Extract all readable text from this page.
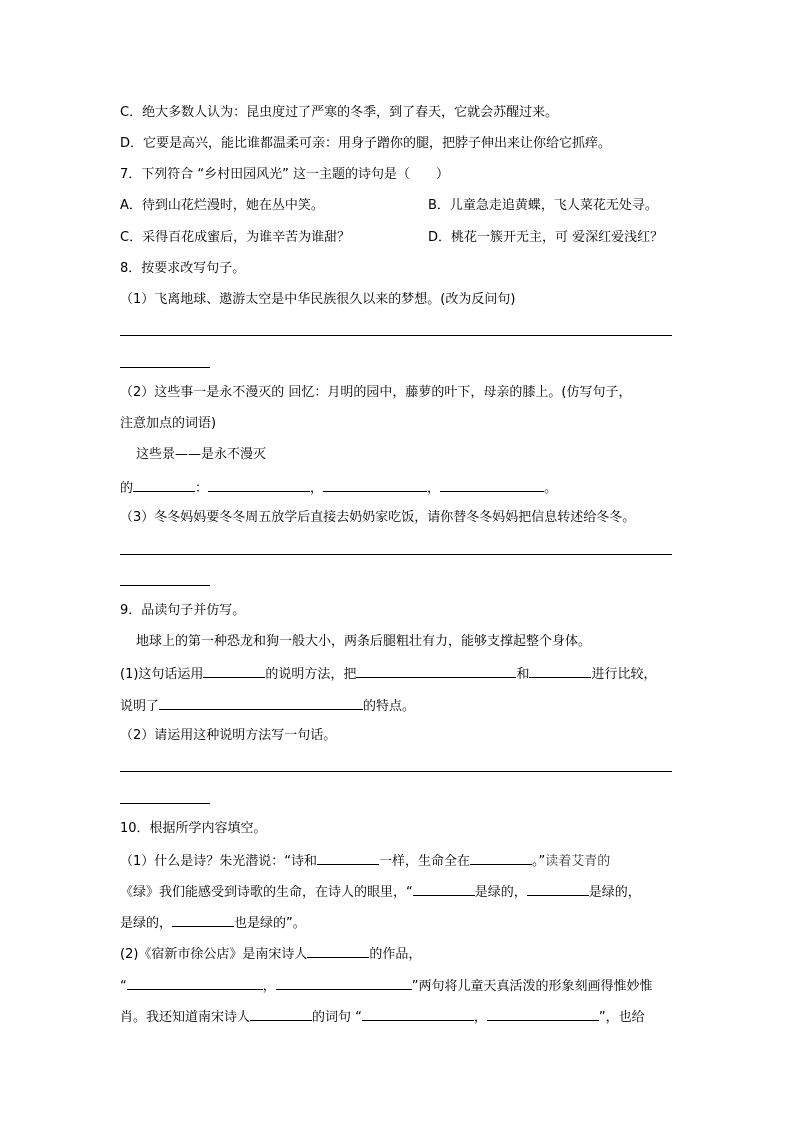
C．绝大多数人认为：昆虫度过了严寒的冬季，到了春天，它就会苏醒过来。
D．它要是高兴，能比谁都温柔可亲：用身子蹭你的腿，把脖子伸出来让你给它抓痒。
7．下列符合 “乡村田园风光” 这一主题的诗句是（　　）
A．待到山花烂漫时，她在丛中笑。	B．儿童急走追黄蝶，飞人菜花无处寻。
C．采得百花成蜜后，为谁辛苦为谁甜？	D．桃花一簇开无主，可 爱深红爱浅红？
8．按要求改写句子。
（1）飞离地球、遨游太空是中华民族很久以来的梦想。(改为反问句)
（2）这些事一是永不漫灭的 回忆：月明的园中，藤萝的叶下，母亲的膝上。(仿写句子，
注意加点的词语)
这些景——是永不漫灭
的	：	，	，	。
（3）冬冬妈妈要冬冬周五放学后直接去奶奶家吃饭，请你替冬冬妈妈把信息转述给冬冬。
9．品读句子并仿写。
地球上的第一种恐龙和狗一般大小，两条后腿粗壮有力，能够支撑起整个身体。
(1)这句话运用	的说明方法，把	和	进行比较，
说明了	的特点。
（2）请运用这种说明方法写一句话。
10．根据所学内容填空。
（1）什么是诗？朱光潜说：“诗和	一样，生命全在	。”读着艾青的
《绿》我们能感受到诗歌的生命，在诗人的眼里，“	是绿的，	是绿的，
是绿的，	也是绿的”。
(2)《宿新市徐公店》是南宋诗人	的作品，
“	，	”两句将儿童天真活泼的形象刻画得惟妙惟
肖。我还知道南宋诗人	的词句 “	，	”，也给
